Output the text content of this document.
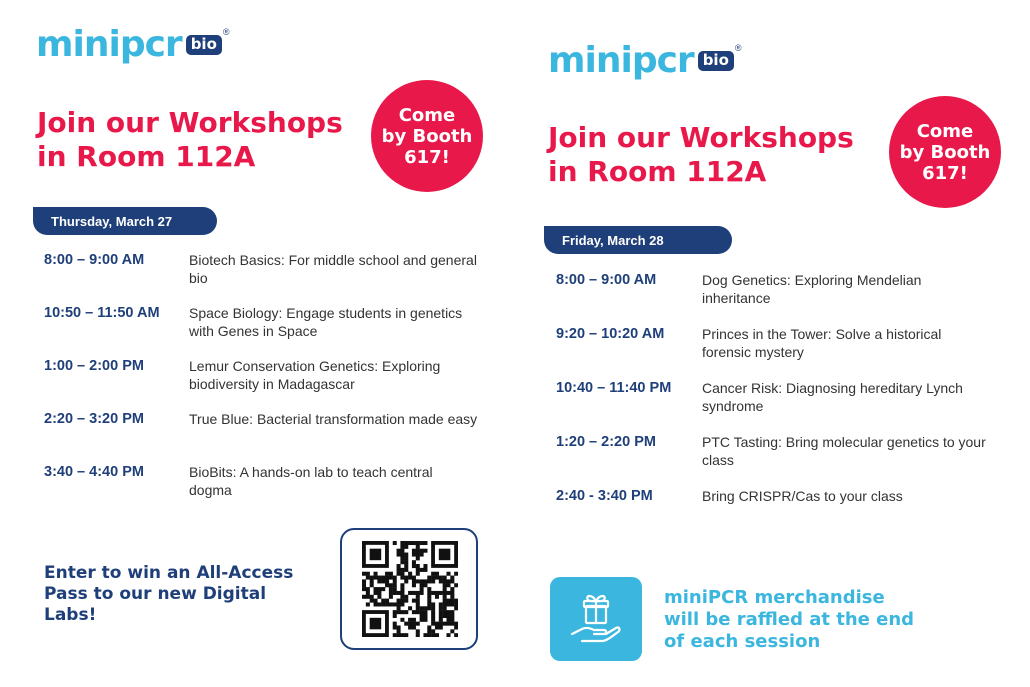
minipcr bio
®
Join our Workshops
in Room 112A
Come
by Booth
617!
Thursday, March 27
8:00 – 9:00 AM	Biotech Basics: For middle school and general bio
10:50 – 11:50 AM	Space Biology: Engage students in genetics with Genes in Space
1:00 – 2:00 PM	Lemur Conservation Genetics: Exploring biodiversity in Madagascar
2:20 – 3:20 PM	True Blue: Bacterial transformation made easy
3:40 – 4:40 PM	BioBits: A hands-on lab to teach central dogma
Enter to win an All-Access
Pass to our new Digital
Labs!
minipcr bio
®
Join our Workshops
in Room 112A
Come
by Booth
617!
Friday, March 28
8:00 – 9:00 AM	Dog Genetics: Exploring Mendelian inheritance
9:20 – 10:20 AM	Princes in the Tower: Solve a historical forensic mystery
10:40 – 11:40 PM	Cancer Risk: Diagnosing hereditary Lynch syndrome
1:20 – 2:20 PM	PTC Tasting: Bring molecular genetics to your class
2:40 - 3:40 PM	Bring CRISPR/Cas to your class
miniPCR merchandise
will be raffled at the end
of each session
